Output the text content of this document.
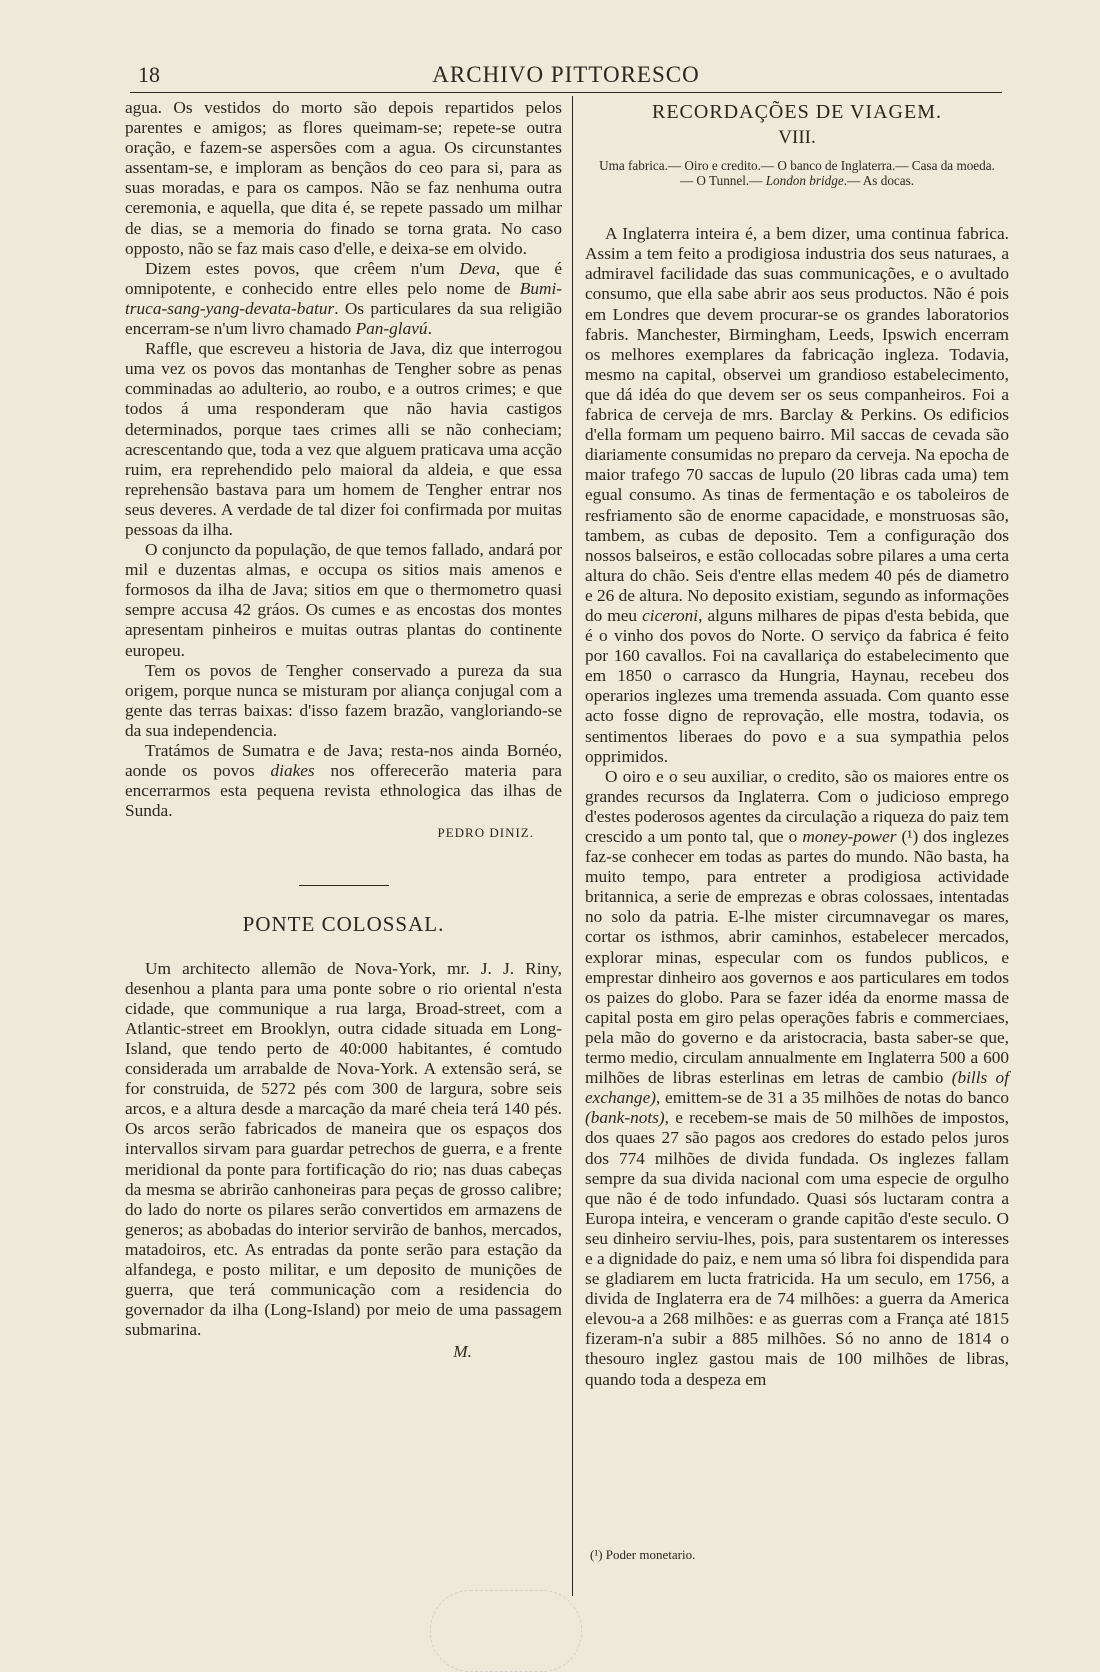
18	ARCHIVO PITTORESCO

agua. Os vestidos do morto são depois repartidos pelos parentes e amigos; as flores queimam-se; repete-se outra oração, e fazem-se aspersões com a agua. Os circunstantes assentam-se, e imploram as bençãos do ceo para si, para as suas moradas, e para os campos. Não se faz nenhuma outra ceremonia, e aquella, que dita é, se repete passado um milhar de dias, se a memoria do finado se torna grata. No caso opposto, não se faz mais caso d'elle, e deixa-se em olvido.

Dizem estes povos, que crêem n'um Deva, que é omnipotente, e conhecido entre elles pelo nome de Bumi-truca-sang-yang-devata-batur. Os particulares da sua religião encerram-se n'um livro chamado Pan-glavú.

Raffle, que escreveu a historia de Java, diz que interrogou uma vez os povos das montanhas de Tengher sobre as penas comminadas ao adulterio, ao roubo, e a outros crimes; e que todos á uma responderam que não havia castigos determinados, porque taes crimes alli se não conheciam; acrescentando que, toda a vez que alguem praticava uma acção ruim, era reprehendido pelo maioral da aldeia, e que essa reprehensão bastava para um homem de Tengher entrar nos seus deveres. A verdade de tal dizer foi confirmada por muitas pessoas da ilha.

O conjuncto da população, de que temos fallado, andará por mil e duzentas almas, e occupa os sitios mais amenos e formosos da ilha de Java; sitios em que o thermometro quasi sempre accusa 42 gráos. Os cumes e as encostas dos montes apresentam pinheiros e muitas outras plantas do continente europeu.

Tem os povos de Tengher conservado a pureza da sua origem, porque nunca se misturam por aliança conjugal com a gente das terras baixas: d'isso fazem brazão, vangloriando-se da sua independencia.

Tratámos de Sumatra e de Java; resta-nos ainda Bornéo, aonde os povos diakes nos offerecerão materia para encerrarmos esta pequena revista ethnologica das ilhas de Sunda.

PEDRO DINIZ.

PONTE COLOSSAL.

Um architecto allemão de Nova-York, mr. J. J. Riny, desenhou a planta para uma ponte sobre o rio oriental n'esta cidade, que communique a rua larga, Broad-street, com a Atlantic-street em Brooklyn, outra cidade situada em Long-Island, que tendo perto de 40:000 habitantes, é comtudo considerada um arrabalde de Nova-York. A extensão será, se for construida, de 5272 pés com 300 de largura, sobre seis arcos, e a altura desde a marcação da maré cheia terá 140 pés. Os arcos serão fabricados de maneira que os espaços dos intervallos sirvam para guardar petrechos de guerra, e a frente meridional da ponte para fortificação do rio; nas duas cabeças da mesma se abrirão canhoneiras para peças de grosso calibre; do lado do norte os pilares serão convertidos em armazens de generos; as abobadas do interior servirão de banhos, mercados, matadoiros, etc. As entradas da ponte serão para estação da alfandega, e posto militar, e um deposito de munições de guerra, que terá communicação com a residencia do governador da ilha (Long-Island) por meio de uma passagem submarina.

M.

RECORDAÇÕES DE VIAGEM.

VIII.

Uma fabrica.— Oiro e credito.— O banco de Inglaterra.— Casa da moeda.— O Tunnel.— London bridge.— As docas.

A Inglaterra inteira é, a bem dizer, uma continua fabrica. Assim a tem feito a prodigiosa industria dos seus naturaes, a admiravel facilidade das suas communicações, e o avultado consumo, que ella sabe abrir aos seus productos. Não é pois em Londres que devem procurar-se os grandes laboratorios fabris. Manchester, Birmingham, Leeds, Ipswich encerram os melhores exemplares da fabricação ingleza. Todavia, mesmo na capital, observei um grandioso estabelecimento, que dá idéa do que devem ser os seus companheiros. Foi a fabrica de cerveja de mrs. Barclay & Perkins. Os edificios d'ella formam um pequeno bairro. Mil saccas de cevada são diariamente consumidas no preparo da cerveja. Na epocha de maior trafego 70 saccas de lupulo (20 libras cada uma) tem egual consumo. As tinas de fermentação e os taboleiros de resfriamento são de enorme capacidade, e monstruosas são, tambem, as cubas de deposito. Tem a configuração dos nossos balseiros, e estão collocadas sobre pilares a uma certa altura do chão. Seis d'entre ellas medem 40 pés de diametro e 26 de altura. No deposito existiam, segundo as informações do meu ciceroni, alguns milhares de pipas d'esta bebida, que é o vinho dos povos do Norte. O serviço da fabrica é feito por 160 cavallos. Foi na cavallariça do estabelecimento que em 1850 o carrasco da Hungria, Haynau, recebeu dos operarios inglezes uma tremenda assuada. Com quanto esse acto fosse digno de reprovação, elle mostra, todavia, os sentimentos liberaes do povo e a sua sympathia pelos opprimidos.

O oiro e o seu auxiliar, o credito, são os maiores entre os grandes recursos da Inglaterra. Com o judicioso emprego d'estes poderosos agentes da circulação a riqueza do paiz tem crescido a um ponto tal, que o money-power (¹) dos inglezes faz-se conhecer em todas as partes do mundo. Não basta, ha muito tempo, para entreter a prodigiosa actividade britannica, a serie de emprezas e obras colossaes, intentadas no solo da patria. E-lhe mister circumnavegar os mares, cortar os isthmos, abrir caminhos, estabelecer mercados, explorar minas, especular com os fundos publicos, e emprestar dinheiro aos governos e aos particulares em todos os paizes do globo. Para se fazer idéa da enorme massa de capital posta em giro pelas operações fabris e commerciaes, pela mão do governo e da aristocracia, basta saber-se que, termo medio, circulam annualmente em Inglaterra 500 a 600 milhões de libras esterlinas em letras de cambio (bills of exchange), emittem-se de 31 a 35 milhões de notas do banco (bank-nots), e recebem-se mais de 50 milhões de impostos, dos quaes 27 são pagos aos credores do estado pelos juros dos 774 milhões de divida fundada. Os inglezes fallam sempre da sua divida nacional com uma especie de orgulho que não é de todo infundado. Quasi sós luctaram contra a Europa inteira, e venceram o grande capitão d'este seculo. O seu dinheiro serviu-lhes, pois, para sustentarem os interesses e a dignidade do paiz, e nem uma só libra foi dispendida para se gladiarem em lucta fratricida. Ha um seculo, em 1756, a divida de Inglaterra era de 74 milhões: a guerra da America elevou-a a 268 milhões: e as guerras com a França até 1815 fizeram-n'a subir a 885 milhões. Só no anno de 1814 o thesouro inglez gastou mais de 100 milhões de libras, quando toda a despeza em

(¹) Poder monetario.
